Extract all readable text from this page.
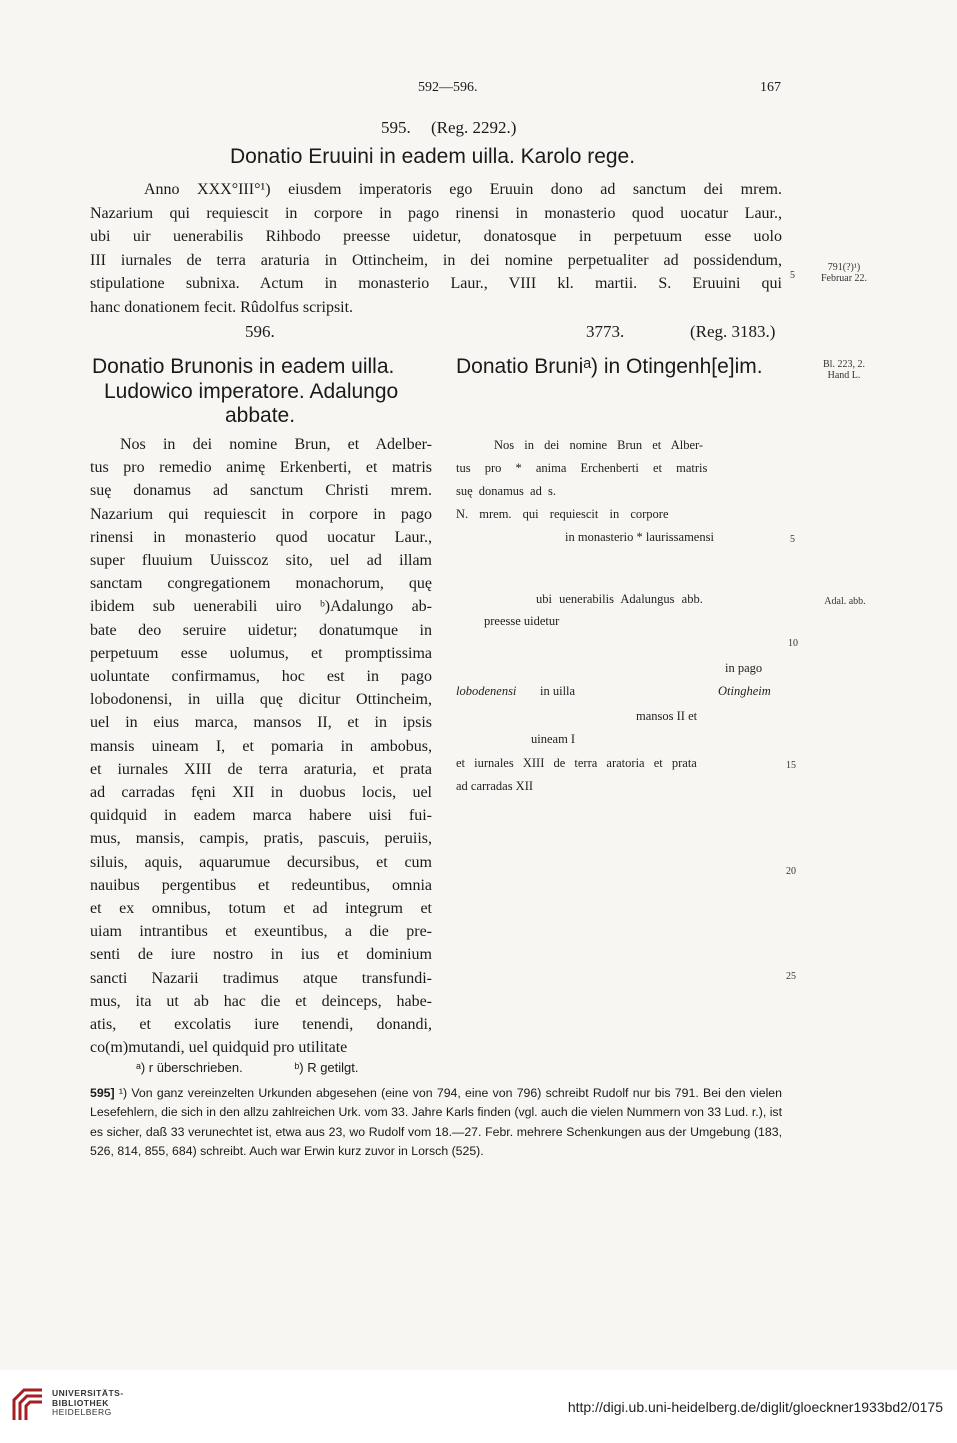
592—596.	167
595. (Reg. 2292.)
Donatio Eruuini in eadem uilla. Karolo rege.

Anno XXX°III°¹) eiusdem imperatoris ego Eruuin dono ad sanctum dei mrem.

Nazarium qui requiescit in corpore in pago rinensi in monasterio quod uocatur Laur.,

ubi uir uenerabilis Rihbodo preesse uidetur, donatosque in perpetuum esse uolo

III iurnales de terra araturia in Ottincheim, in dei nomine perpetualiter ad possidendum,

stipulatione subnixa. Actum in monasterio Laur., VIII kl. martii. S. Eruuini qui

hanc donationem fecit. Rûdolfus scripsit.

5
791(?)¹)
Februar 22.
596.
Donatio Brunonis in eadem uilla.
Ludowico imperatore. Adalungo
abbate.
3773.	(Reg. 3183.)
Donatio Bruniᵃ) in Otingenh[e]im.	Bl. 223, 2.
Hand L.
Nos in dei nomine Brun, et Adelber-
tus pro remedio animę Erkenberti, et matris
suę donamus ad sanctum Christi mrem.
Nazarium qui requiescit in corpore in pago
rinensi in monasterio quod uocatur Laur.,
super fluuium Uuisscoz sito, uel ad illam
sanctam congregationem monachorum, quę
ibidem sub uenerabili uiro ᵇ)Adalungo ab-
bate deo seruire uidetur; donatumque in
perpetuum esse uolumus, et promptissima
uoluntate confirmamus, hoc est in pago
lobodonensi, in uilla quę dicitur Ottincheim,
uel in eius marca, mansos II, et in ipsis
mansis uineam I, et pomaria in ambobus,
et iurnales XIII de terra araturia, et prata
ad carradas fęni XII in duobus locis, uel
quidquid in eadem marca habere uisi fui-
mus, mansis, campis, pratis, pascuis, peruiis,
siluis, aquis, aquarumue decursibus, et cum
nauibus pergentibus et redeuntibus, omnia
et ex omnibus, totum et ad integrum et
uiam intrantibus et exeuntibus, a die pre-
senti de iure nostro in ius et dominium
sancti Nazarii tradimus atque transfundi-
mus, ita ut ab hac die et deinceps, habe-
atis, et excolatis iure tenendi, donandi,
co(m)mutandi, uel quidquid pro utilitate
Nos in dei nomine Brun et Alber-
tus pro * anima Erchenberti et matris
suę donamus ad s.
N. mrem. qui requiescit in corpore
in monasterio * laurissamensi
ubi uenerabilis Adalungus abb.
preesse uidetur
in pago
lobodenensi in uilla	Otingheim
mansos II et
uineam I
et iurnales XIII de terra aratoria et prata
ad carradas XII
5
10
15
20
25
Adal. abb.
ᵃ) r überschrieben.	ᵇ) R getilgt.
595] ¹) Von ganz vereinzelten Urkunden abgesehen (eine von 794, eine von 796) schreibt Rudolf nur bis 791. Bei den vielen Lesefehlern, die sich in den allzu zahlreichen Urk. vom 33. Jahre Karls finden (vgl. auch die vielen Nummern von 33 Lud. r.), ist es sicher, daß 33 verunechtet ist, etwa aus 23, wo Rudolf vom 18.—27. Febr. mehrere Schenkungen aus der Umgebung (183, 526, 814, 855, 684) schreibt. Auch war Erwin kurz zuvor in Lorsch (525).
UNIVERSITÄTS-
BIBLIOTHEK
HEIDELBERG	http://digi.ub.uni-heidelberg.de/diglit/gloeckner1933bd2/0175
